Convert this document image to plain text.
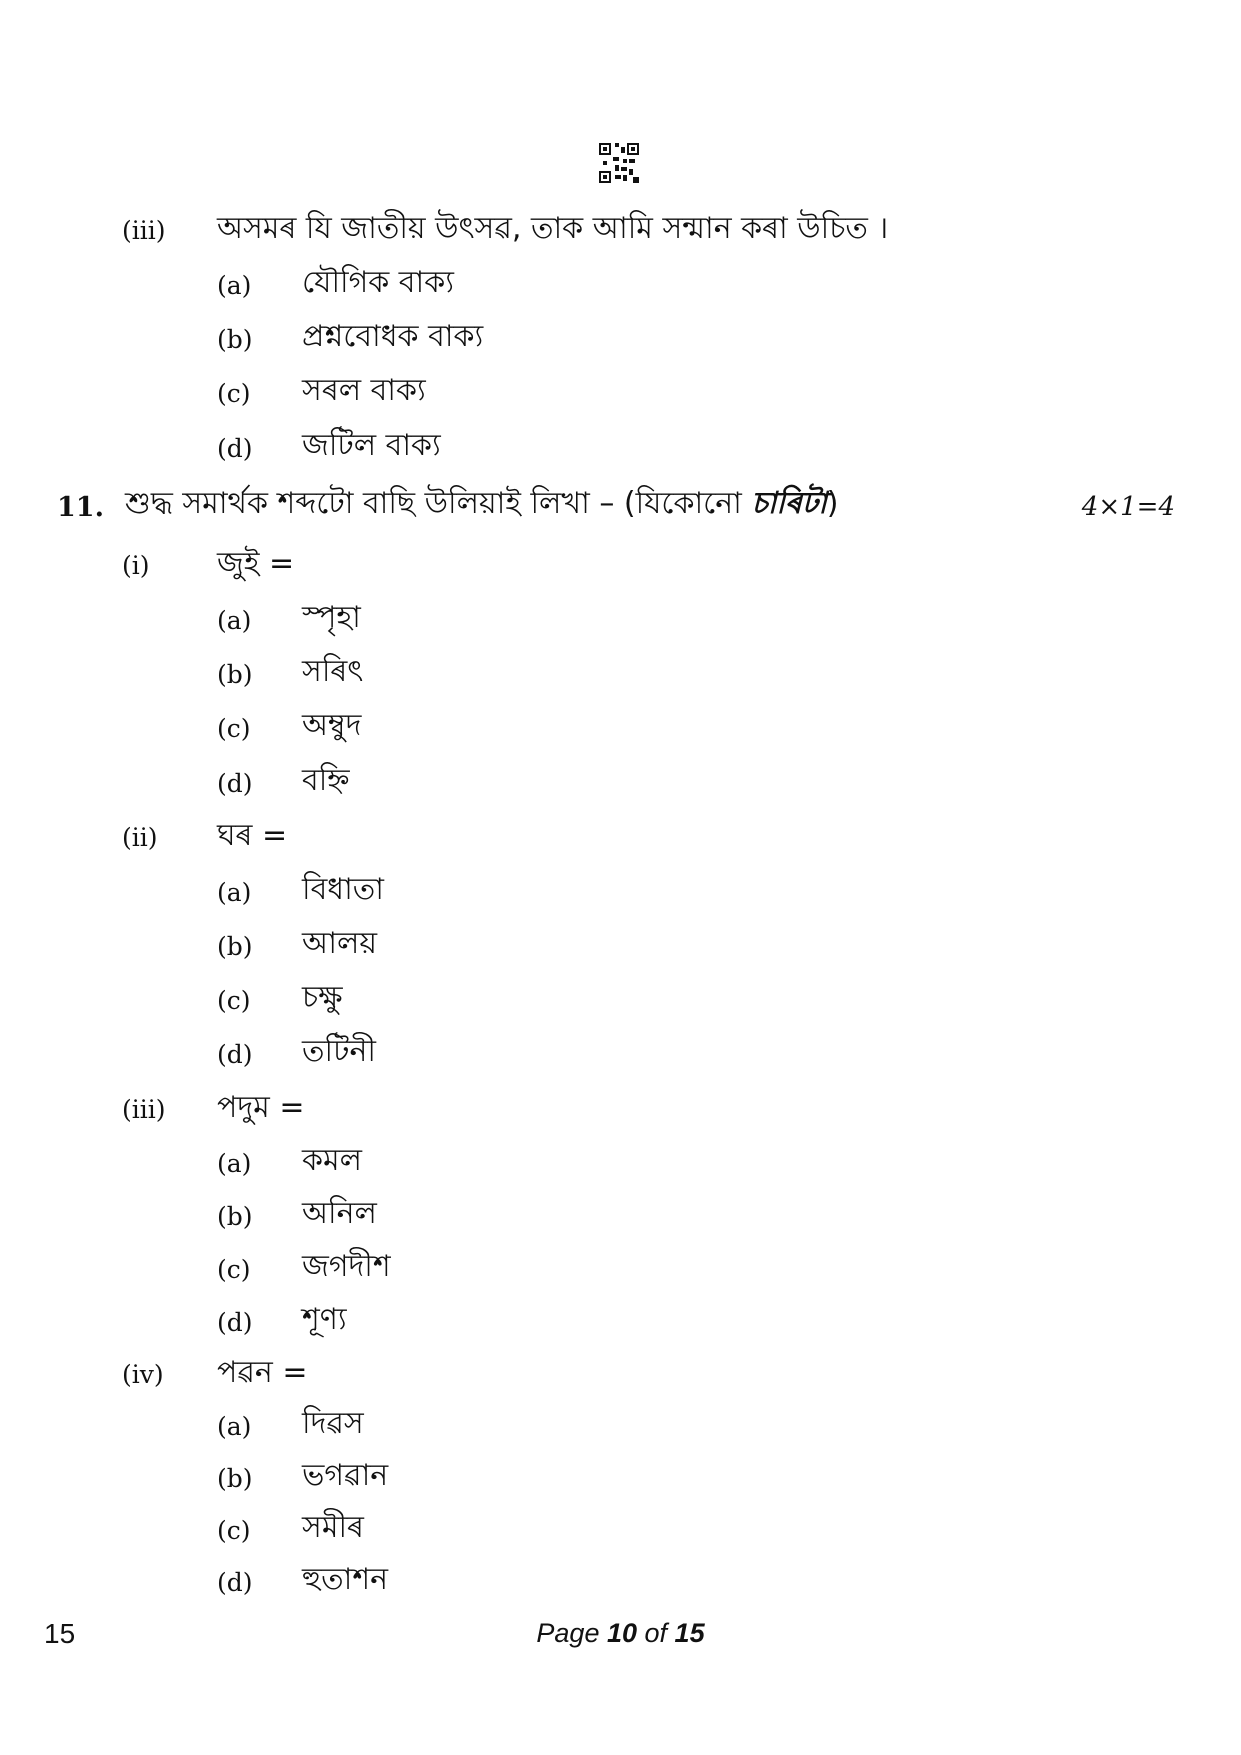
(iii) অসমৰ যি জাতীয় উৎসৱ, তাক আমি সন্মান কৰা উচিত ।
(a) যৌগিক বাক্য
(b) প্ৰশ্নবোধক বাক্য
(c) সৰল বাক্য
(d) জটিল বাক্য
11. শুদ্ধ সমাৰ্থক শব্দটো বাছি উলিয়াই লিখা – (যিকোনো চাৰিটা)	4×1=4
(i) জুই =
(a) স্পৃহা
(b) সৰিৎ
(c) অম্বুদ
(d) বহ্নি
(ii) ঘৰ =
(a) বিধাতা
(b) আলয়
(c) চক্ষু
(d) তটিনী
(iii) পদুম =
(a) কমল
(b) অনিল
(c) জগদীশ
(d) শূণ্য
(iv) পৱন =
(a) দিৱস
(b) ভগৱান
(c) সমীৰ
(d) হুতাশন
15	Page 10 of 15
